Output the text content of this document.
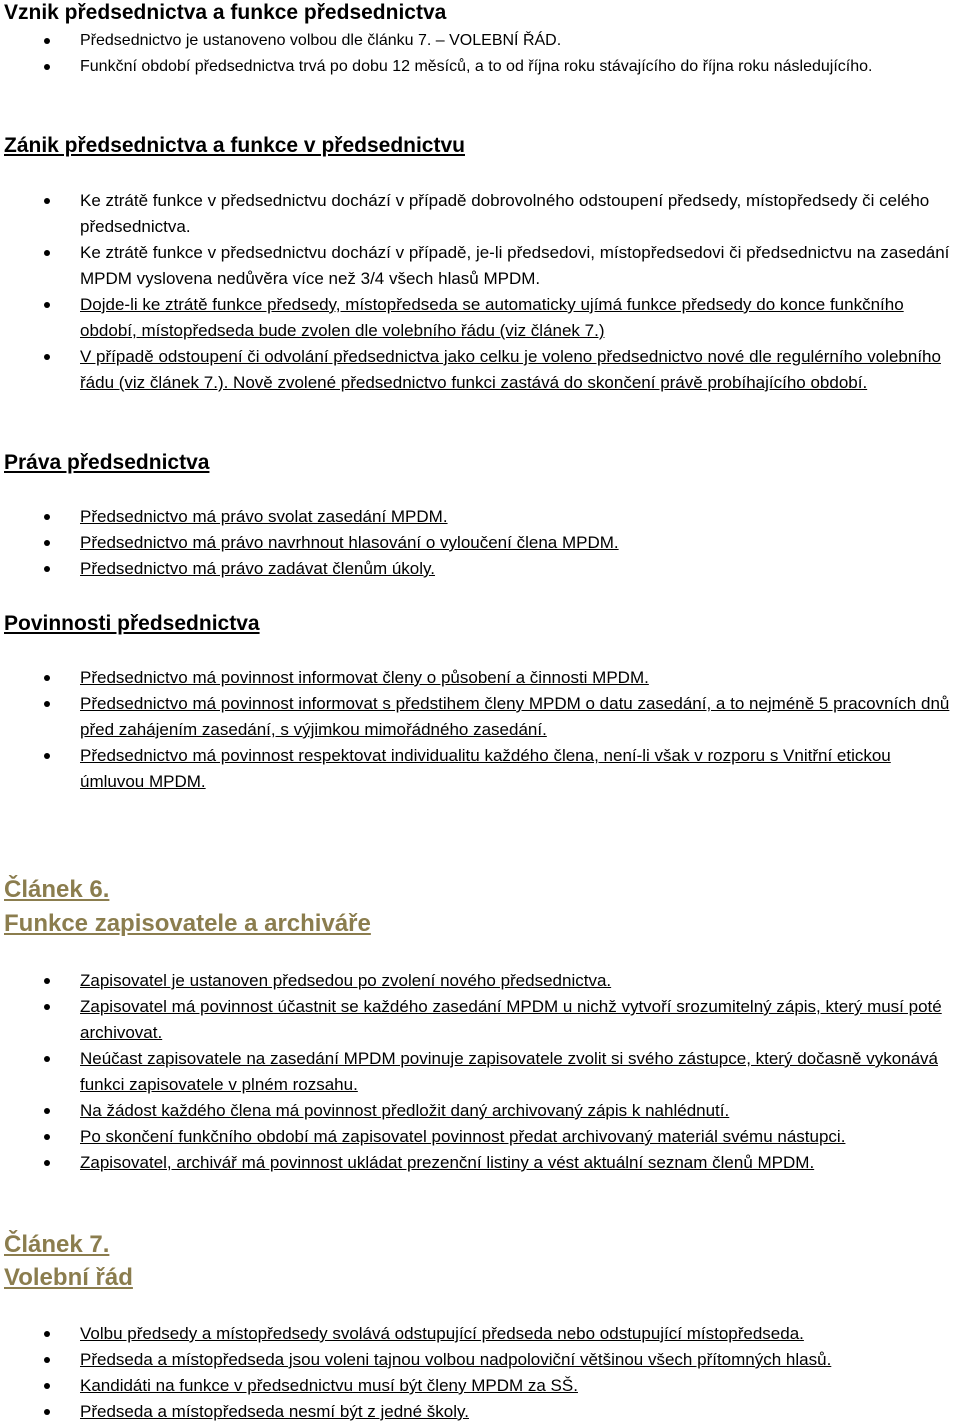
Vznik předsednictva a funkce předsednictva
Předsednictvo je ustanoveno volbou dle článku 7. – VOLEBNÍ ŘÁD.
Funkční období předsednictva trvá po dobu 12 měsíců, a to od října roku stávajícího do října roku následujícího.
Zánik předsednictva a funkce v předsednictvu
Ke ztrátě funkce v předsednictvu dochází v případě dobrovolného odstoupení předsedy, místopředsedy či celého předsednictva.
Ke ztrátě funkce v předsednictvu dochází v případě, je-li předsedovi, místopředsedovi či předsednictvu na zasedání MPDM vyslovena nedůvěra více než 3/4 všech hlasů MPDM.
Dojde-li ke ztrátě funkce předsedy, místopředseda se automaticky ujímá funkce předsedy do konce funkčního období, místopředseda bude zvolen dle volebního řádu (viz článek 7.)
V případě odstoupení či odvolání předsednictva jako celku je voleno předsednictvo nové dle regulérního volebního řádu (viz článek 7.). Nově zvolené předsednictvo funkci zastává do skončení právě probíhajícího období.
Práva předsednictva
Předsednictvo má právo svolat zasedání MPDM.
Předsednictvo má právo navrhnout hlasování o vyloučení člena MPDM.
Předsednictvo má právo zadávat členům úkoly.
Povinnosti předsednictva
Předsednictvo má povinnost informovat členy o působení a činnosti MPDM.
Předsednictvo má povinnost informovat s předstihem členy MPDM o datu zasedání, a to nejméně 5 pracovních dnů před zahájením zasedání, s výjimkou mimořádného zasedání.
Předsednictvo má povinnost respektovat individualitu každého člena, není-li však v rozporu s Vnitřní etickou úmluvou MPDM.
Článek 6.
Funkce zapisovatele a archiváře
Zapisovatel je ustanoven předsedou po zvolení nového předsednictva.
Zapisovatel má povinnost účastnit se každého zasedání MPDM u nichž vytvoří srozumitelný zápis, který musí poté archivovat.
Neúčast zapisovatele na zasedání MPDM povinuje zapisovatele zvolit si svého zástupce, který dočasně vykonává funkci zapisovatele v plném rozsahu.
Na žádost každého člena má povinnost předložit daný archivovaný zápis k nahlédnutí.
Po skončení funkčního období má zapisovatel povinnost předat archivovaný materiál svému nástupci.
Zapisovatel, archivář má povinnost ukládat prezenční listiny a vést aktuální seznam členů MPDM.
Článek 7.
Volební řád
Volbu předsedy a místopředsedy svolává odstupující předseda nebo odstupující místopředseda.
Předseda a místopředseda jsou voleni tajnou volbou nadpoloviční většinou všech přítomných hlasů.
Kandidáti na funkce v předsednictvu musí být členy MPDM za SŠ.
Předseda a místopředseda nesmí být z jedné školy.
